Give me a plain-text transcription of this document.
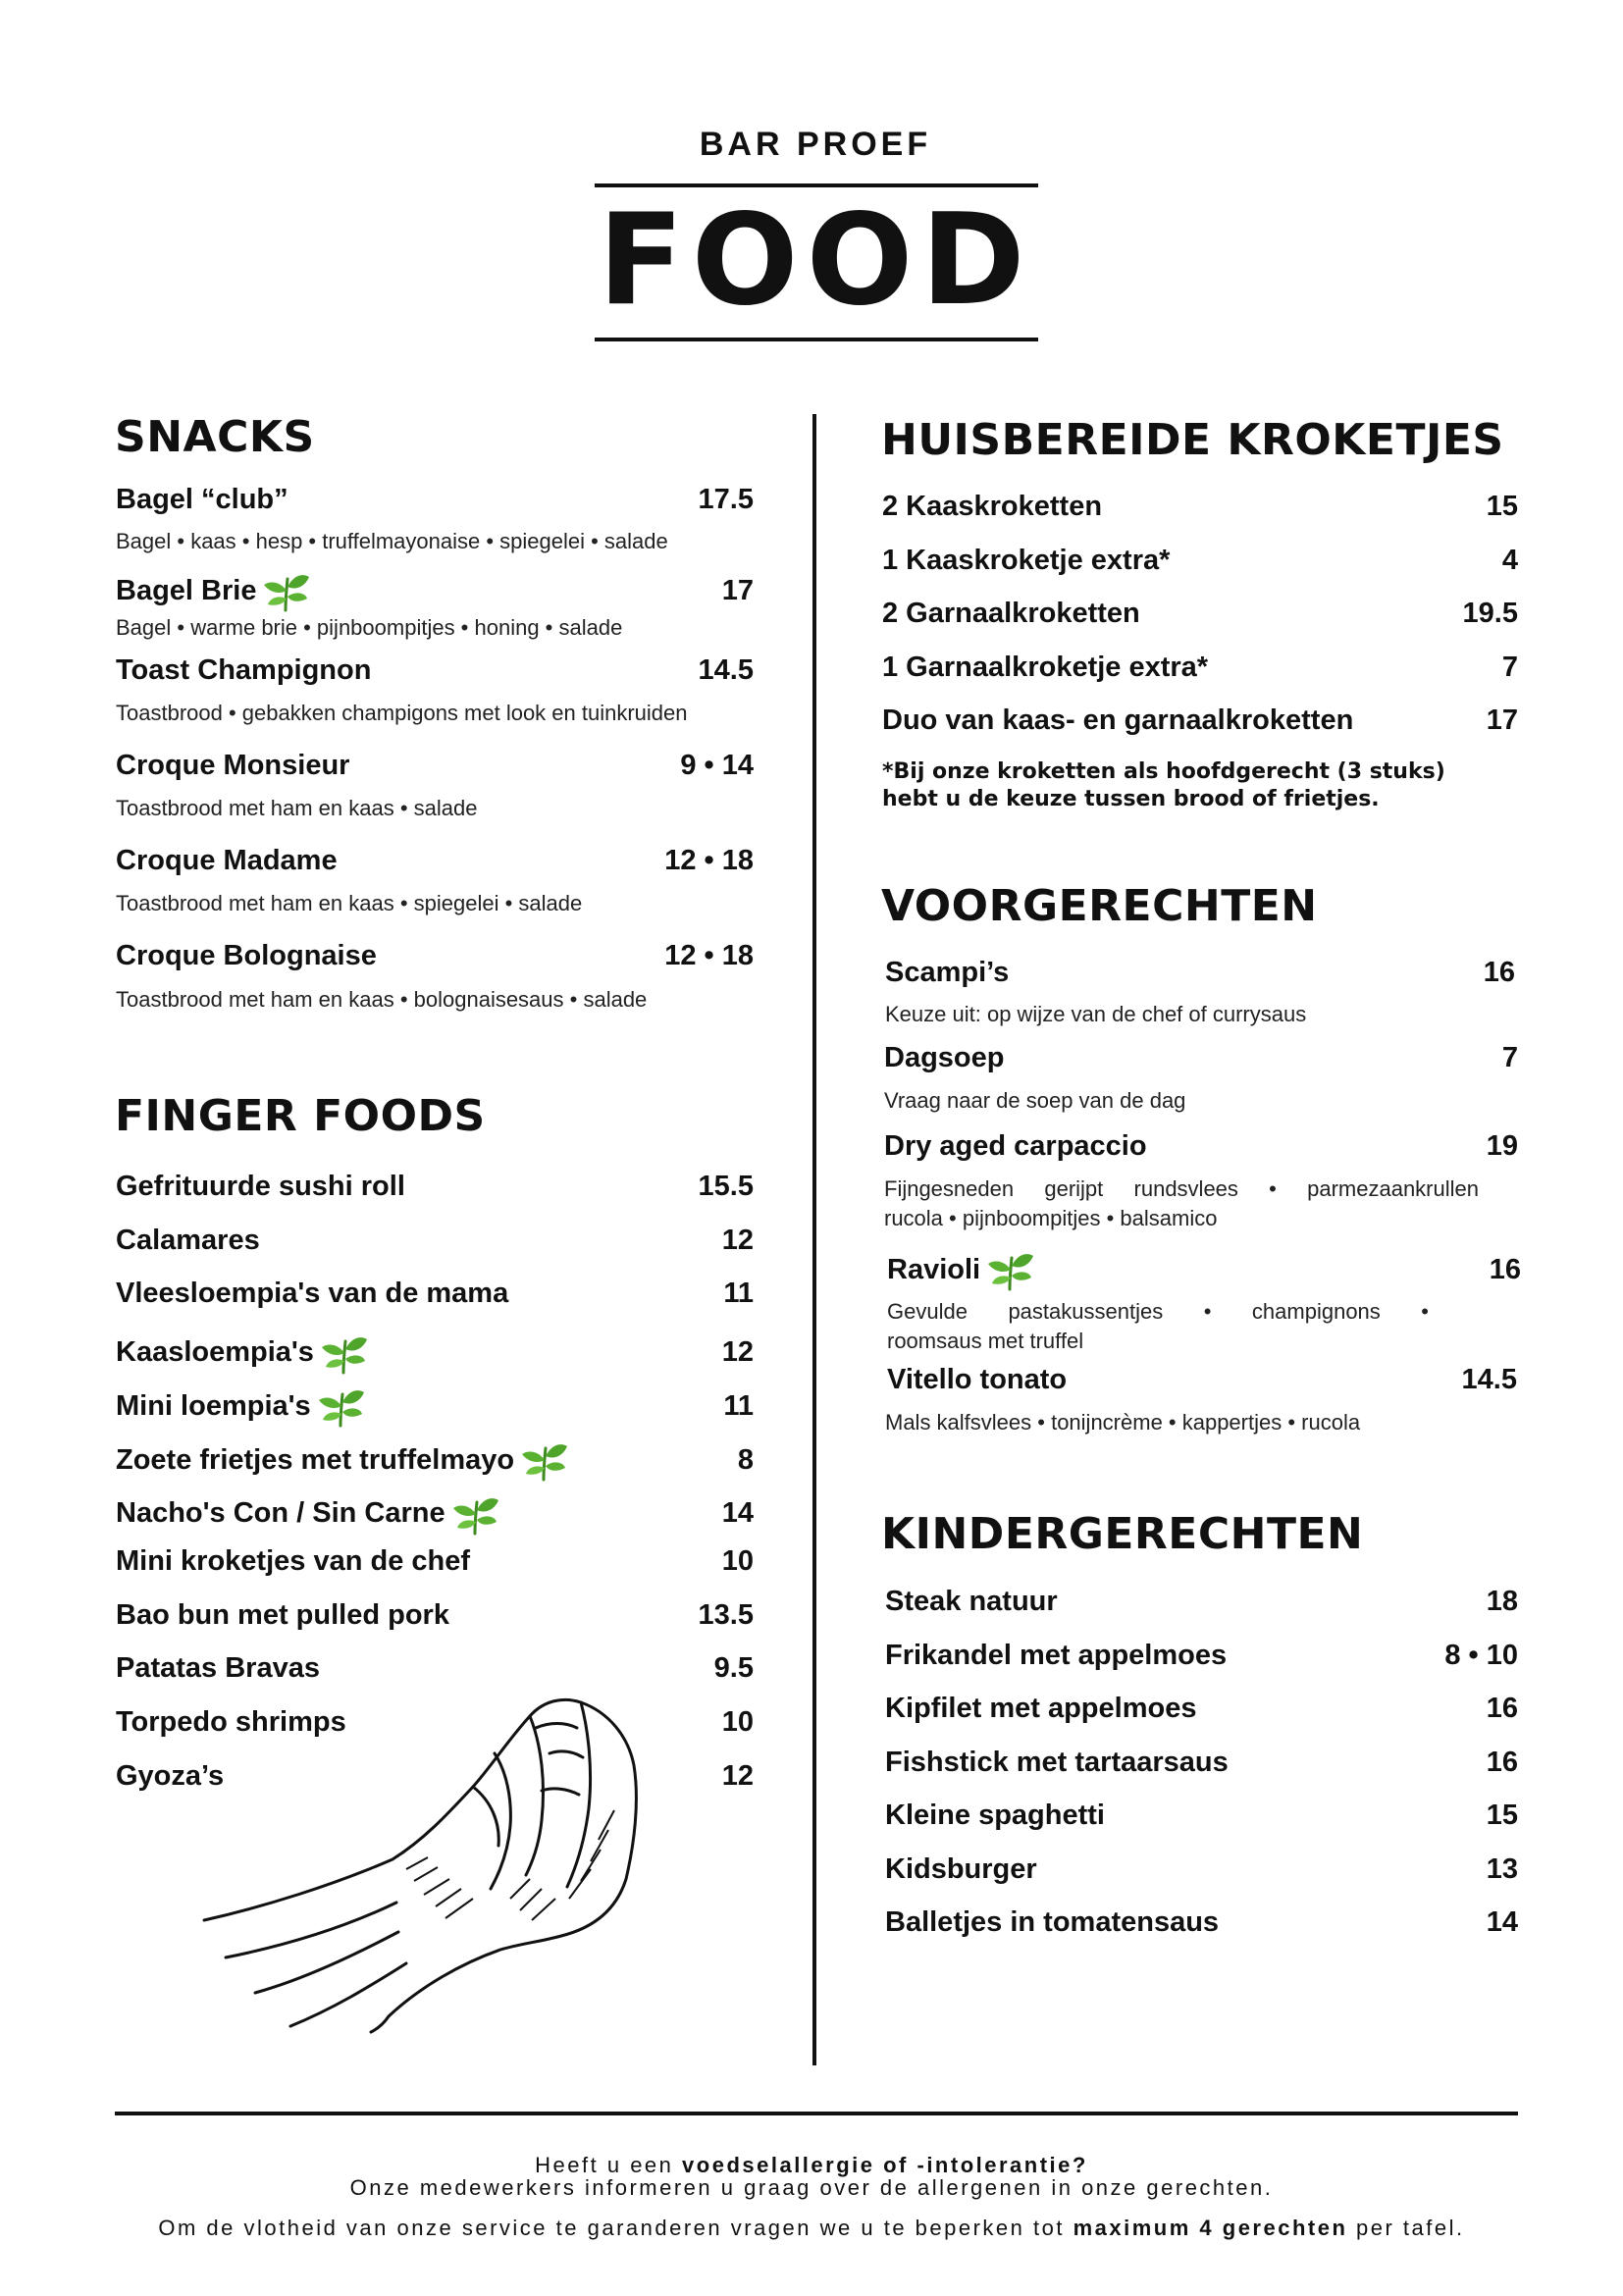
BAR PROEF
FOOD
SNACKS
Bagel “club”	17.5
Bagel • kaas • hesp • truffelmayonaise • spiegelei • salade
Bagel Brie	17
Bagel • warme brie • pijnboompitjes • honing • salade
Toast Champignon	14.5
Toastbrood • gebakken champigons met look en tuinkruiden
Croque Monsieur	9 • 14
Toastbrood met ham en kaas • salade
Croque Madame	12 • 18
Toastbrood met ham en kaas • spiegelei • salade
Croque Bolognaise	12 • 18
Toastbrood met ham en kaas • bolognaisesaus • salade
FINGER FOODS
Gefrituurde sushi roll	15.5
Calamares	12
Vleesloempia's van de mama	11
Kaasloempia's	12
Mini loempia's	11
Zoete frietjes met truffelmayo	8
Nacho's Con / Sin Carne	14
Mini kroketjes van de chef	10
Bao bun met pulled pork	13.5
Patatas Bravas	9.5
Torpedo shrimps	10
Gyoza’s	12
HUISBEREIDE KROKETJES
2 Kaaskroketten	15
1 Kaaskroketje extra*	4
2 Garnaalkroketten	19.5
1 Garnaalkroketje extra*	7
Duo van kaas- en garnaalkroketten	17
*Bij onze kroketten als hoofdgerecht (3 stuks)
hebt u de keuze tussen brood of frietjes.
VOORGERECHTEN
Scampi’s	16
Keuze uit: op wijze van de chef of currysaus
Dagsoep	7
Vraag naar de soep van de dag
Dry aged carpaccio	19
Fijngesneden gerijpt rundsvlees • parmezaankrullen
rucola • pijnboompitjes • balsamico
Ravioli	16
Gevulde pastakussentjes • champignons •
roomsaus met truffel
Vitello tonato	14.5
Mals kalfsvlees • tonijncrème • kappertjes • rucola
KINDERGERECHTEN
Steak natuur	18
Frikandel met appelmoes	8 • 10
Kipfilet met appelmoes	16
Fishstick met tartaarsaus	16
Kleine spaghetti	15
Kidsburger	13
Balletjes in tomatensaus	14
Heeft u een voedselallergie of -intolerantie?
Onze medewerkers informeren u graag over de allergenen in onze gerechten.
Om de vlotheid van onze service te garanderen vragen we u te beperken tot maximum 4 gerechten per tafel.
